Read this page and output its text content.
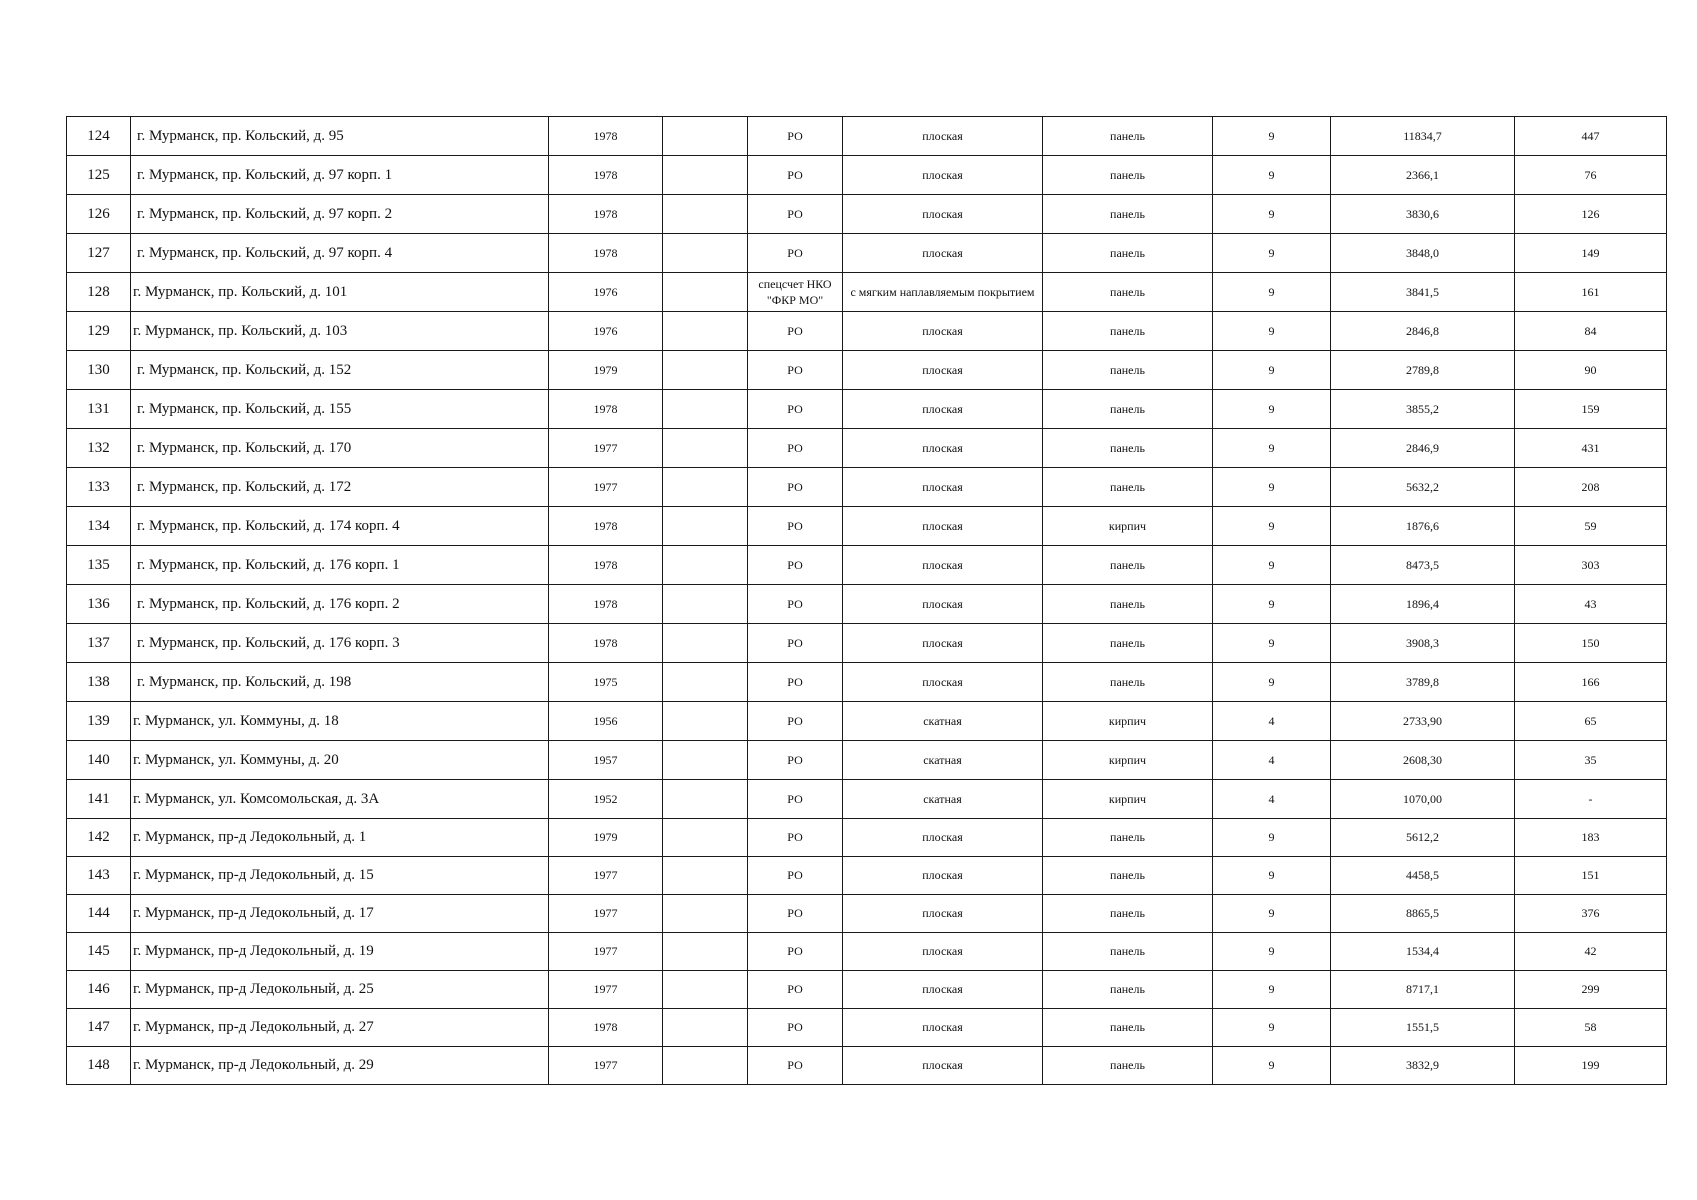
124	г. Мурманск, пр. Кольский, д. 95	1978		РО	плоская	панель	9	11834,7	447
125	г. Мурманск, пр. Кольский, д. 97 корп. 1	1978		РО	плоская	панель	9	2366,1	76
126	г. Мурманск, пр. Кольский, д. 97 корп. 2	1978		РО	плоская	панель	9	3830,6	126
127	г. Мурманск, пр. Кольский, д. 97 корп. 4	1978		РО	плоская	панель	9	3848,0	149
128	г. Мурманск, пр. Кольский, д. 101	1976		спецсчет НКО "ФКР МО"	с мягким наплавляемым покрытием	панель	9	3841,5	161
129	г. Мурманск, пр. Кольский, д. 103	1976		РО	плоская	панель	9	2846,8	84
130	г. Мурманск, пр. Кольский, д. 152	1979		РО	плоская	панель	9	2789,8	90
131	г. Мурманск, пр. Кольский, д. 155	1978		РО	плоская	панель	9	3855,2	159
132	г. Мурманск, пр. Кольский, д. 170	1977		РО	плоская	панель	9	2846,9	431
133	г. Мурманск, пр. Кольский, д. 172	1977		РО	плоская	панель	9	5632,2	208
134	г. Мурманск, пр. Кольский, д. 174 корп. 4	1978		РО	плоская	кирпич	9	1876,6	59
135	г. Мурманск, пр. Кольский, д. 176 корп. 1	1978		РО	плоская	панель	9	8473,5	303
136	г. Мурманск, пр. Кольский, д. 176 корп. 2	1978		РО	плоская	панель	9	1896,4	43
137	г. Мурманск, пр. Кольский, д. 176 корп. 3	1978		РО	плоская	панель	9	3908,3	150
138	г. Мурманск, пр. Кольский, д. 198	1975		РО	плоская	панель	9	3789,8	166
139	г. Мурманск, ул. Коммуны, д. 18	1956		РО	скатная	кирпич	4	2733,90	65
140	г. Мурманск, ул. Коммуны, д. 20	1957		РО	скатная	кирпич	4	2608,30	35
141	г. Мурманск, ул. Комсомольская, д. 3А	1952		РО	скатная	кирпич	4	1070,00	-
142	г. Мурманск, пр-д Ледокольный, д. 1	1979		РО	плоская	панель	9	5612,2	183
143	г. Мурманск, пр-д Ледокольный, д. 15	1977		РО	плоская	панель	9	4458,5	151
144	г. Мурманск, пр-д Ледокольный, д. 17	1977		РО	плоская	панель	9	8865,5	376
145	г. Мурманск, пр-д Ледокольный, д. 19	1977		РО	плоская	панель	9	1534,4	42
146	г. Мурманск, пр-д Ледокольный, д. 25	1977		РО	плоская	панель	9	8717,1	299
147	г. Мурманск, пр-д Ледокольный, д. 27	1978		РО	плоская	панель	9	1551,5	58
148	г. Мурманск, пр-д Ледокольный, д. 29	1977		РО	плоская	панель	9	3832,9	199
